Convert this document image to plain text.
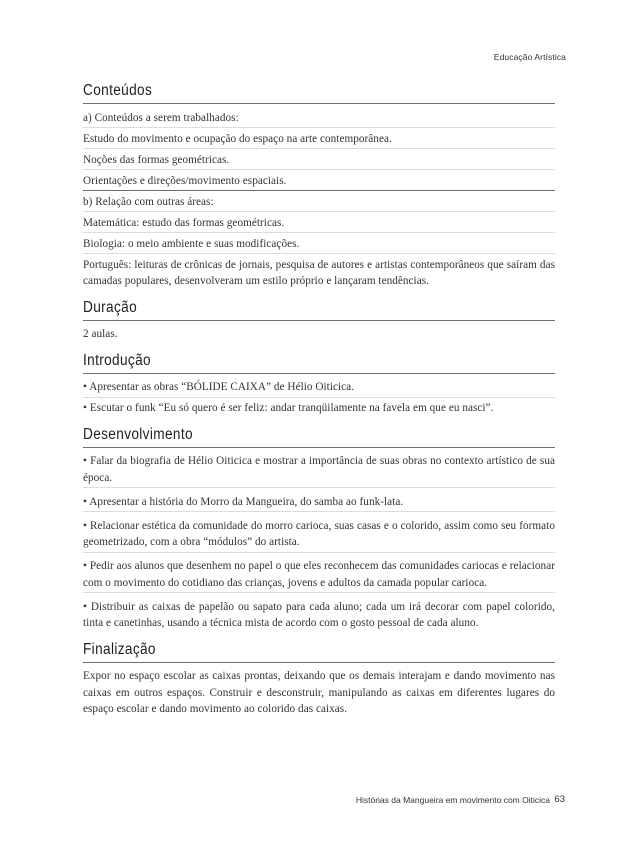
Educação Artística
Conteúdos

a) Conteúdos a serem trabalhados:

Estudo do movimento e ocupação do espaço na arte contemporânea.

Noções das formas geométricas.

Orientações e direções/movimento espaciais.

b) Relação com outras áreas:

Matemática: estudo das formas geométricas.

Biologia: o meio ambiente e suas modificações.

Português: leituras de crônicas de jornais, pesquisa de autores e artistas contemporâneos que saíram das camadas populares, desenvolveram um estilo próprio e lançaram tendências.

Duração

2 aulas.

Introdução

• Apresentar as obras “BÓLIDE CAIXA” de Hélio Oiticica.

• Escutar o funk “Eu só quero é ser feliz: andar tranqüilamente na favela em que eu nasci”.

Desenvolvimento

• Falar da biografia de Hélio Oiticica e mostrar a importância de suas obras no contexto artístico de sua época.

• Apresentar a história do Morro da Mangueira, do samba ao funk-lata.

• Relacionar estética da comunidade do morro carioca, suas casas e o colorido, assim como seu formato geometrizado, com a obra “módulos” do artista.

• Pedir aos alunos que desenhem no papel o que eles reconhecem das comunidades cariocas e relacionar com o movimento do cotidiano das crianças, jovens e adultos da camada popular carioca.

• Distribuir as caixas de papelão ou sapato para cada aluno; cada um irá decorar com papel colorido, tinta e canetinhas, usando a técnica mista de acordo com o gosto pessoal de cada aluno.

Finalização

Expor no espaço escolar as caixas prontas, deixando que os demais interajam e dando movimento nas caixas em outros espaços. Construir e desconstruir, manipulando as caixas em diferentes lugares do espaço escolar e dando movimento ao colorido das caixas.

Histórias da Mangueira em movimento com Oiticica 63
